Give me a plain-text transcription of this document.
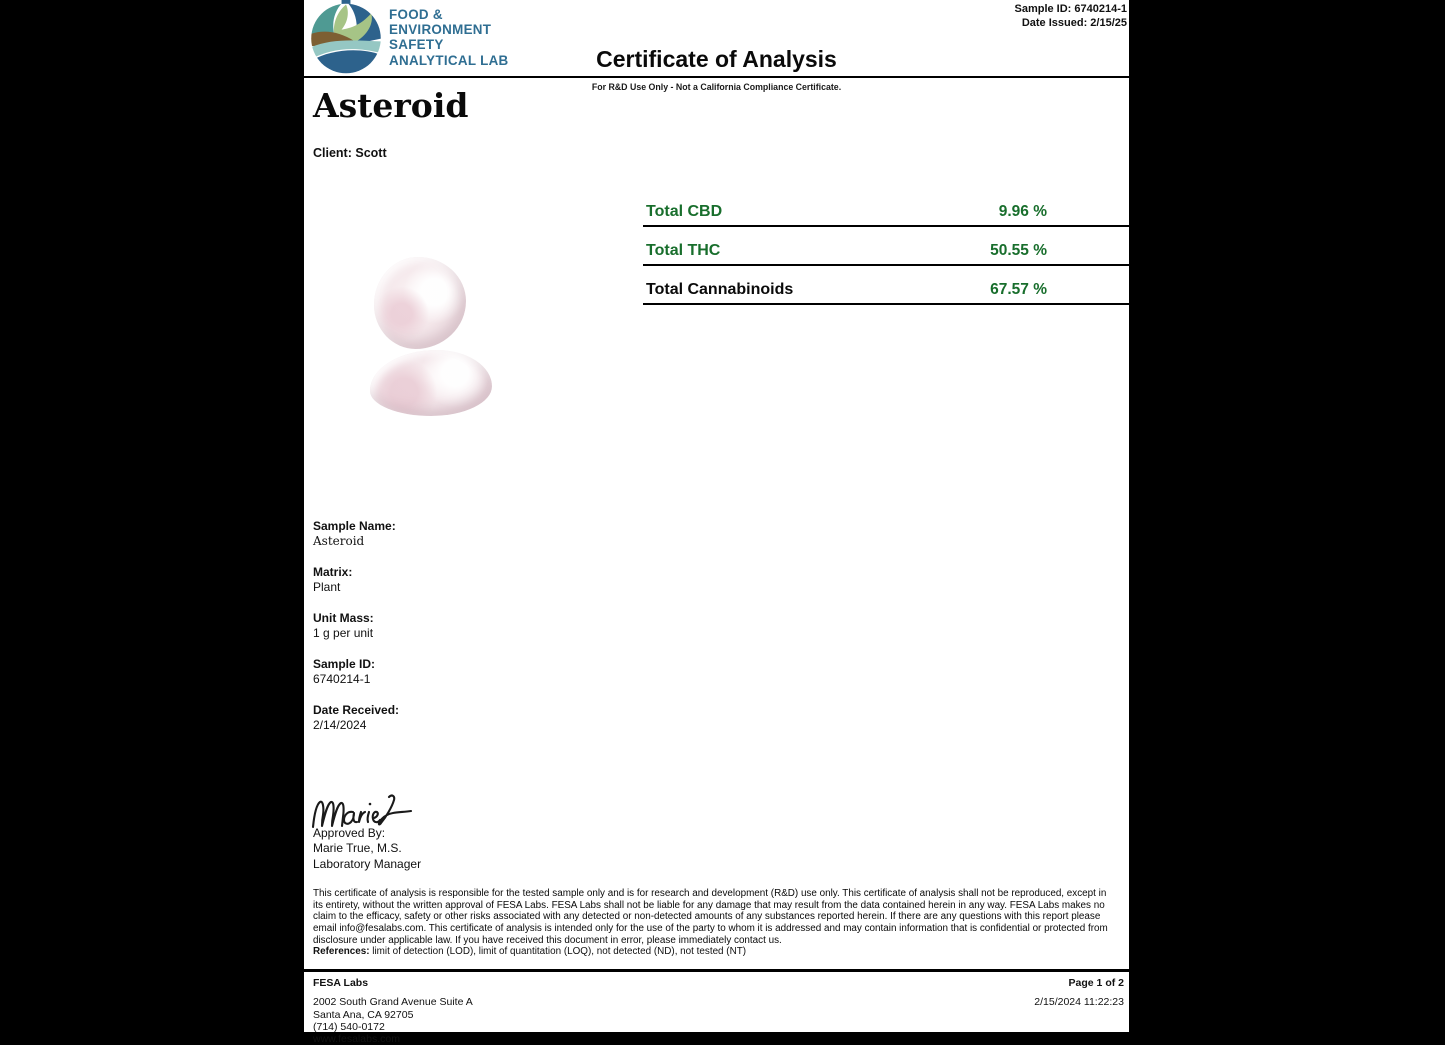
FOOD &
ENVIRONMENT
SAFETY
ANALYTICAL LAB
Sample ID: 6740214-1
Date Issued: 2/15/25
Certificate of Analysis
For R&D Use Only - Not a California Compliance Certificate.
Asteroid
Client: Scott
Total CBD	9.96 %
Total THC	50.55 %
Total Cannabinoids	67.57 %
Sample Name:
Asteroid
Matrix:
Plant
Unit Mass:
1 g per unit
Sample ID:
6740214-1
Date Received:
2/14/2024
Approved By:
Marie True, M.S.
Laboratory Manager
This certificate of analysis is responsible for the tested sample only and is for research and development (R&D) use only. This certificate of analysis shall not be reproduced, except in its entirety, without the written approval of FESA Labs. FESA Labs shall not be liable for any damage that may result from the data contained herein in any way. FESA Labs makes no claim to the efficacy, safety or other risks associated with any detected or non-detected amounts of any substances reported herein. If there are any questions with this report please email info@fesalabs.com. This certificate of analysis is intended only for the use of the party to whom it is addressed and may contain information that is confidential or protected from disclosure under applicable law. If you have received this document in error, please immediately contact us.
References: limit of detection (LOD), limit of quantitation (LOQ), not detected (ND), not tested (NT)
FESA Labs
2002 South Grand Avenue Suite A
Santa Ana, CA 92705
(714) 540-0172
www.fesalabs.com
Page 1 of 2
2/15/2024 11:22:23
